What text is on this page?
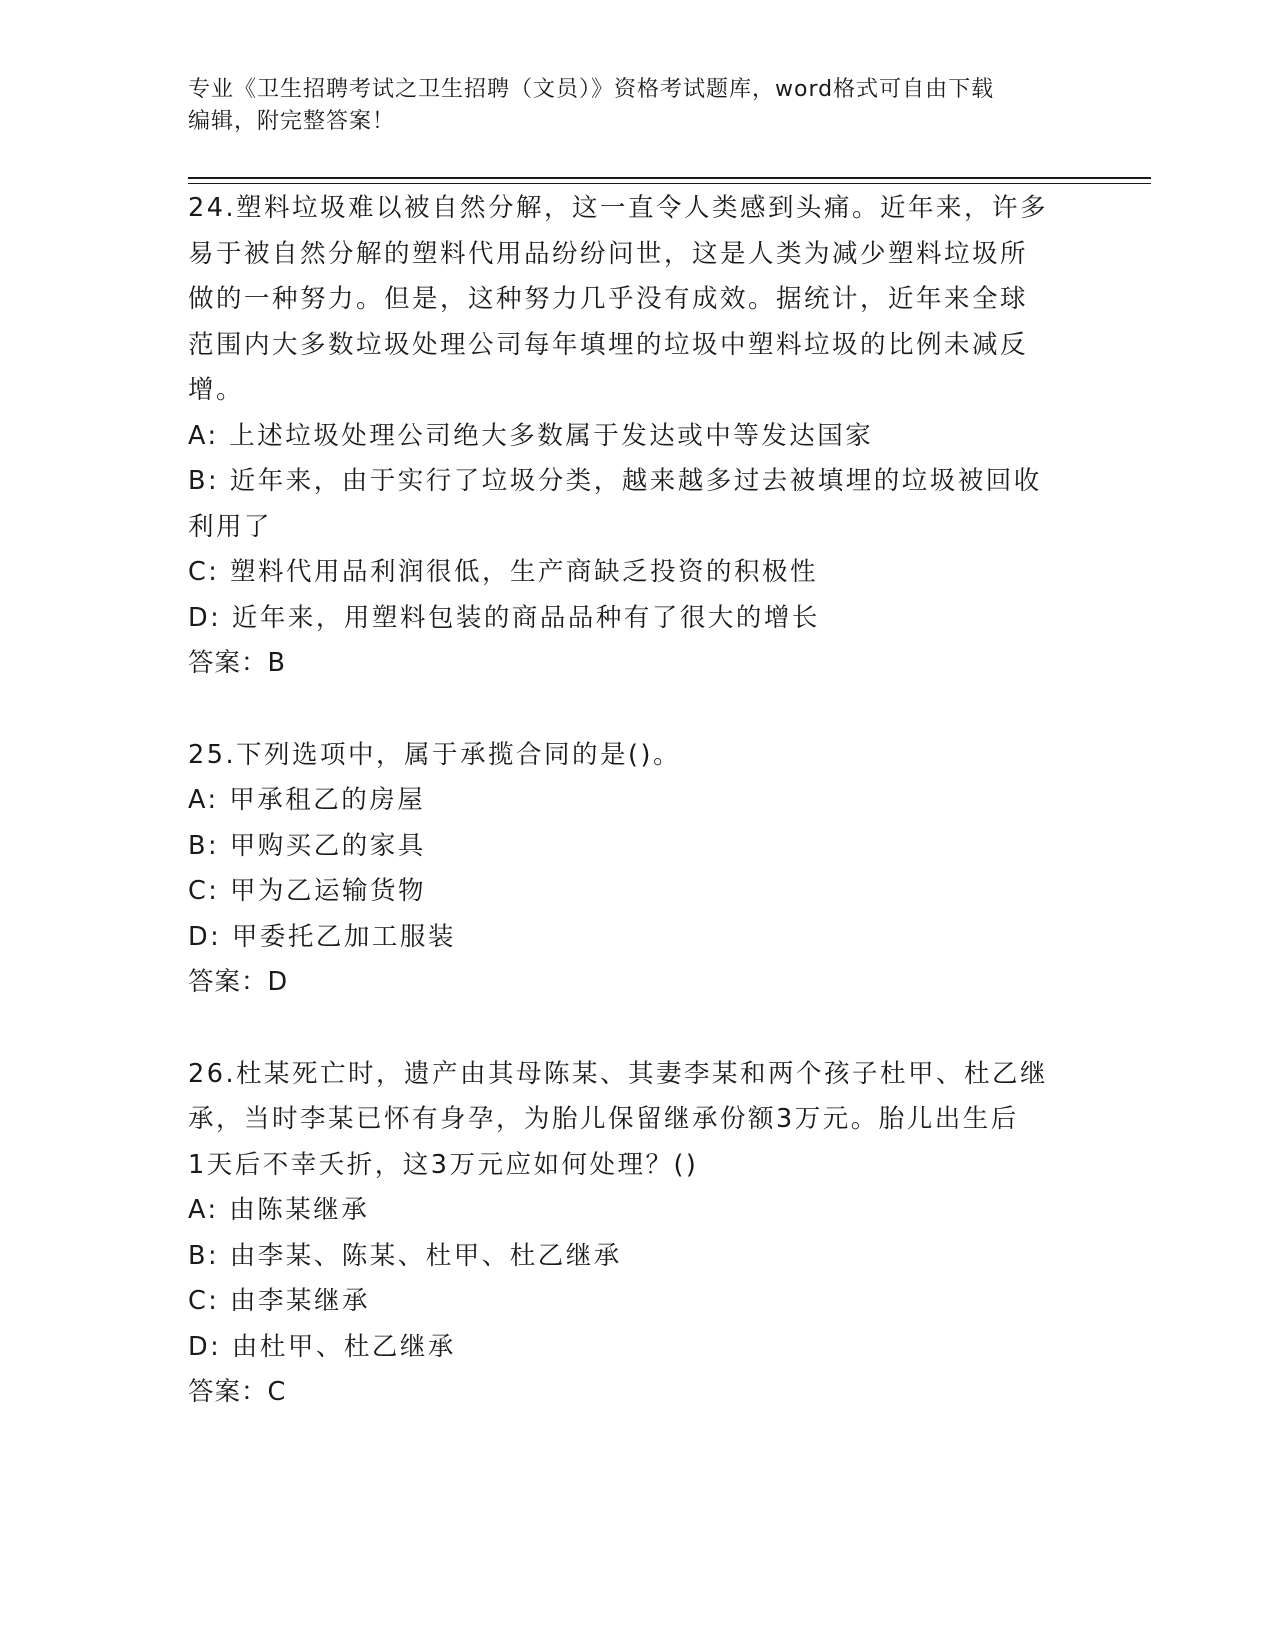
专业《卫生招聘考试之卫生招聘（文员）》资格考试题库，word格式可自由下载
编辑，附完整答案！
24.塑料垃圾难以被自然分解，这一直令人类感到头痛。近年来，许多
易于被自然分解的塑料代用品纷纷问世，这是人类为减少塑料垃圾所
做的一种努力。但是，这种努力几乎没有成效。据统计，近年来全球
范围内大多数垃圾处理公司每年填埋的垃圾中塑料垃圾的比例未减反
增。
A: 上述垃圾处理公司绝大多数属于发达或中等发达国家
B: 近年来，由于实行了垃圾分类，越来越多过去被填埋的垃圾被回收
利用了
C: 塑料代用品利润很低，生产商缺乏投资的积极性
D: 近年来，用塑料包装的商品品种有了很大的增长
答案：B
25.下列选项中，属于承揽合同的是()。
A: 甲承租乙的房屋
B: 甲购买乙的家具
C: 甲为乙运输货物
D: 甲委托乙加工服装
答案：D
26.杜某死亡时，遗产由其母陈某、其妻李某和两个孩子杜甲、杜乙继
承，当时李某已怀有身孕，为胎儿保留继承份额3万元。胎儿出生后
1天后不幸夭折，这3万元应如何处理？()
A: 由陈某继承
B: 由李某、陈某、杜甲、杜乙继承
C: 由李某继承
D: 由杜甲、杜乙继承
答案：C
